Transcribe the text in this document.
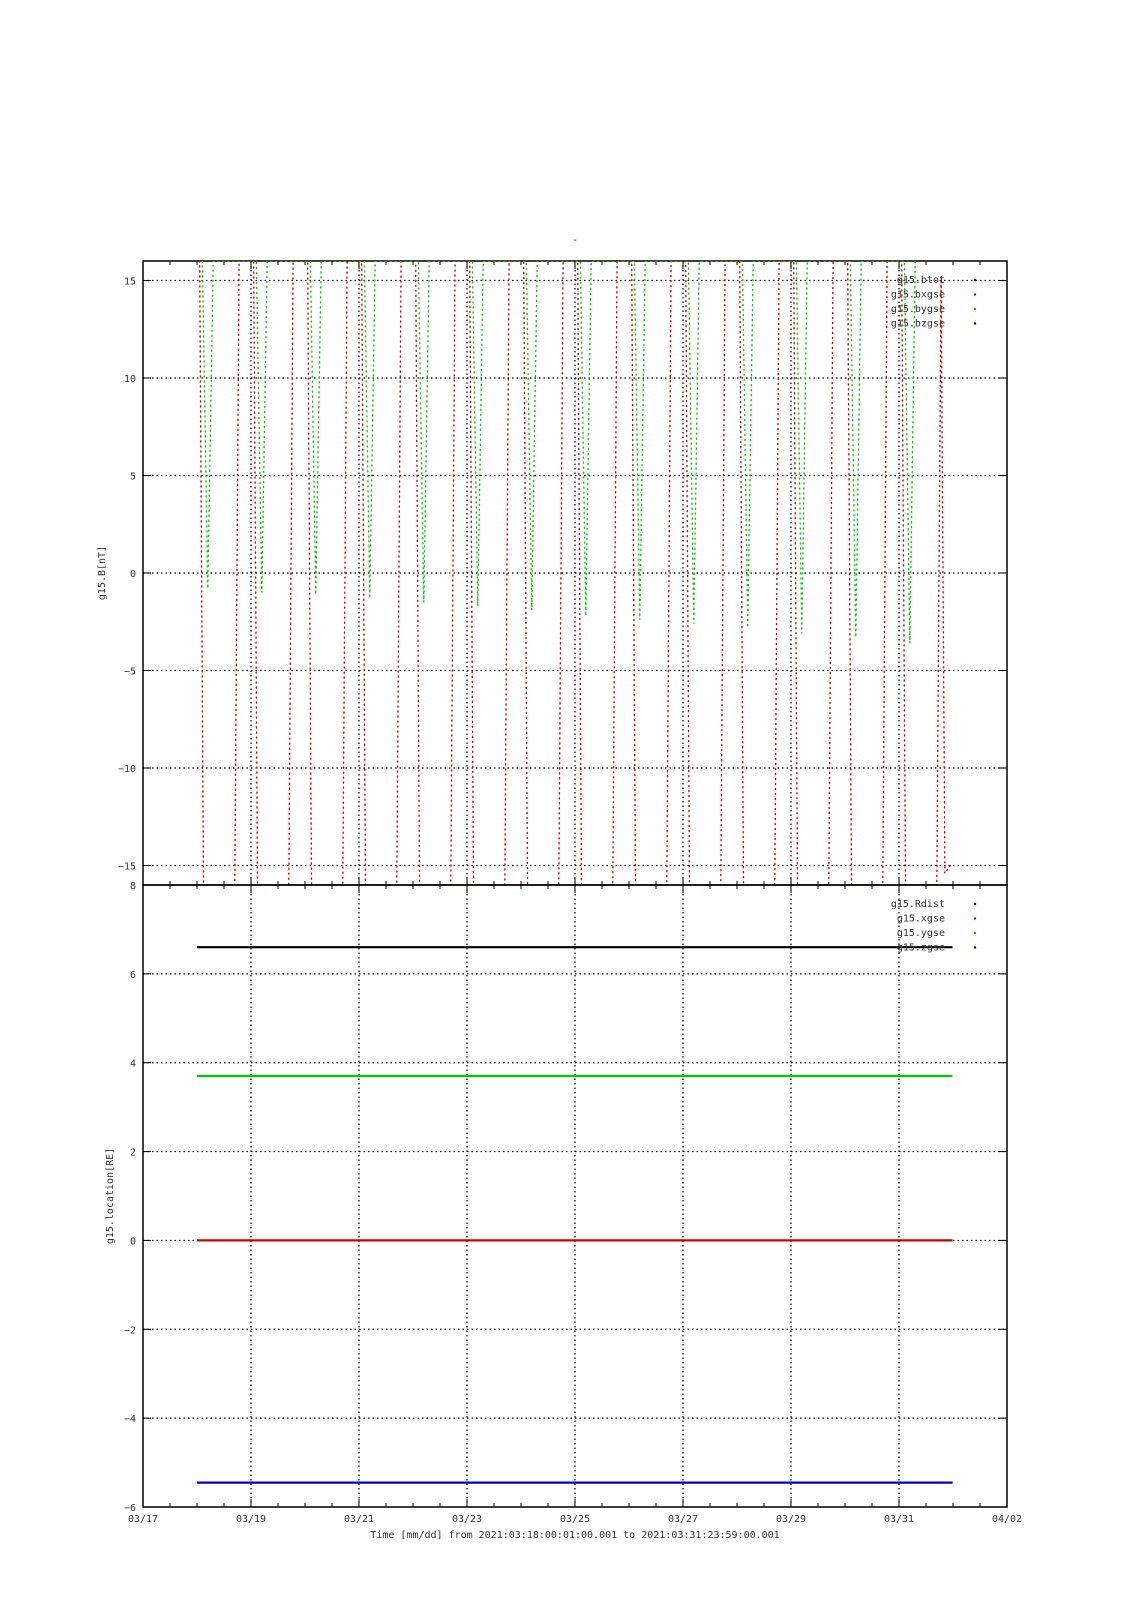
-
−15
−10
−5
0
5
10
15
g15.B[nT]
g15.btot
g15.bxgse
g15.bygse
g15.bzgse
−6
−4
−2
0
2
4
6
8
g15.location[RE]
g15.Rdist
g15.xgse
g15.ygse
g15.zgse
03/17	03/19	03/21	03/23	03/25	03/27	03/29	03/31	04/02
Time [mm/dd] from 2021:03:18:00:01:00.001 to 2021:03:31:23:59:00.001
